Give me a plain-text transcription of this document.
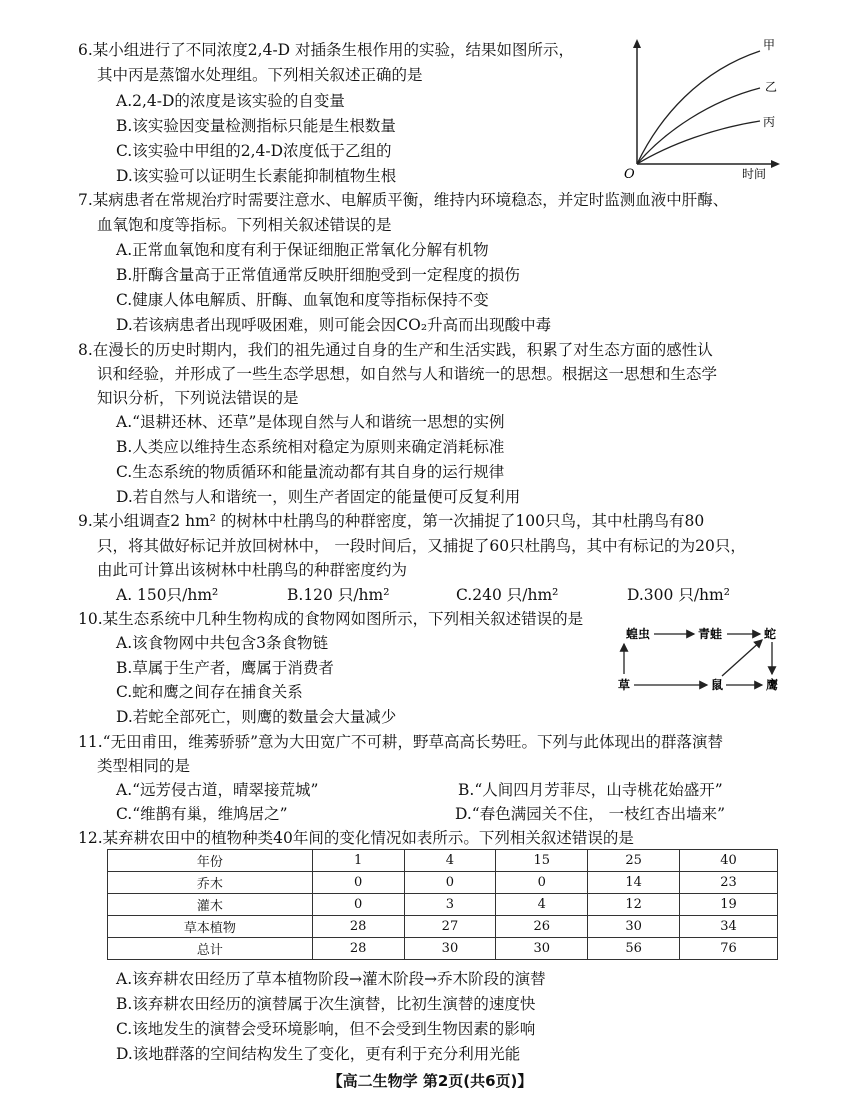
6.某小组进行了不同浓度2,4-D 对插条生根作用的实验，结果如图所示，
其中丙是蒸馏水处理组。下列相关叙述正确的是
A.2,4-D的浓度是该实验的自变量
B.该实验因变量检测指标只能是生根数量
C.该实验中甲组的2,4-D浓度低于乙组的
D.该实验可以证明生长素能抑制植物生根
甲
乙
丙
O	时间
7.某病患者在常规治疗时需要注意水、电解质平衡，维持内环境稳态，并定时监测血液中肝酶、
血氧饱和度等指标。下列相关叙述错误的是
A.正常血氧饱和度有利于保证细胞正常氧化分解有机物
B.肝酶含量高于正常值通常反映肝细胞受到一定程度的损伤
C.健康人体电解质、肝酶、血氧饱和度等指标保持不变
D.若该病患者出现呼吸困难，则可能会因CO₂升高而出现酸中毒
8.在漫长的历史时期内，我们的祖先通过自身的生产和生活实践，积累了对生态方面的感性认
识和经验，并形成了一些生态学思想，如自然与人和谐统一的思想。根据这一思想和生态学
知识分析，下列说法错误的是
A.“退耕还林、还草”是体现自然与人和谐统一思想的实例
B.人类应以维持生态系统相对稳定为原则来确定消耗标准
C.生态系统的物质循环和能量流动都有其自身的运行规律
D.若自然与人和谐统一，则生产者固定的能量便可反复利用
9.某小组调查2 hm² 的树林中杜鹃鸟的种群密度，第一次捕捉了100只鸟，其中杜鹃鸟有80
只，将其做好标记并放回树林中， 一段时间后，又捕捉了60只杜鹃鸟，其中有标记的为20只，
由此可计算出该树林中杜鹃鸟的种群密度约为
A. 150只/hm²	B.120 只/hm²	C.240 只/hm²	D.300 只/hm²
10.某生态系统中几种生物构成的食物网如图所示，下列相关叙述错误的是
A.该食物网中共包含3条食物链
B.草属于生产者，鹰属于消费者
C.蛇和鹰之间存在捕食关系
D.若蛇全部死亡，则鹰的数量会大量减少
蝗虫	青蛙	蛇
草	鼠	鹰
11.“无田甫田，维莠骄骄”意为大田宽广不可耕，野草高高长势旺。下列与此体现出的群落演替
类型相同的是
A.“远芳侵古道，晴翠接荒城”	B.“人间四月芳菲尽，山寺桃花始盛开”
C.“维鹊有巢，维鸠居之”	D.“春色满园关不住， 一枝红杏出墙来”
12.某弃耕农田中的植物种类40年间的变化情况如表所示。下列相关叙述错误的是
年份	1	4	15	25	40
乔木	0	0	0	14	23
灌木	0	3	4	12	19
草本植物	28	27	26	30	34
总计	28	30	30	56	76
A.该弃耕农田经历了草本植物阶段→灌木阶段→乔木阶段的演替
B.该弃耕农田经历的演替属于次生演替，比初生演替的速度快
C.该地发生的演替会受环境影响，但不会受到生物因素的影响
D.该地群落的空间结构发生了变化，更有利于充分利用光能
【高二生物学 第2页(共6页)】
